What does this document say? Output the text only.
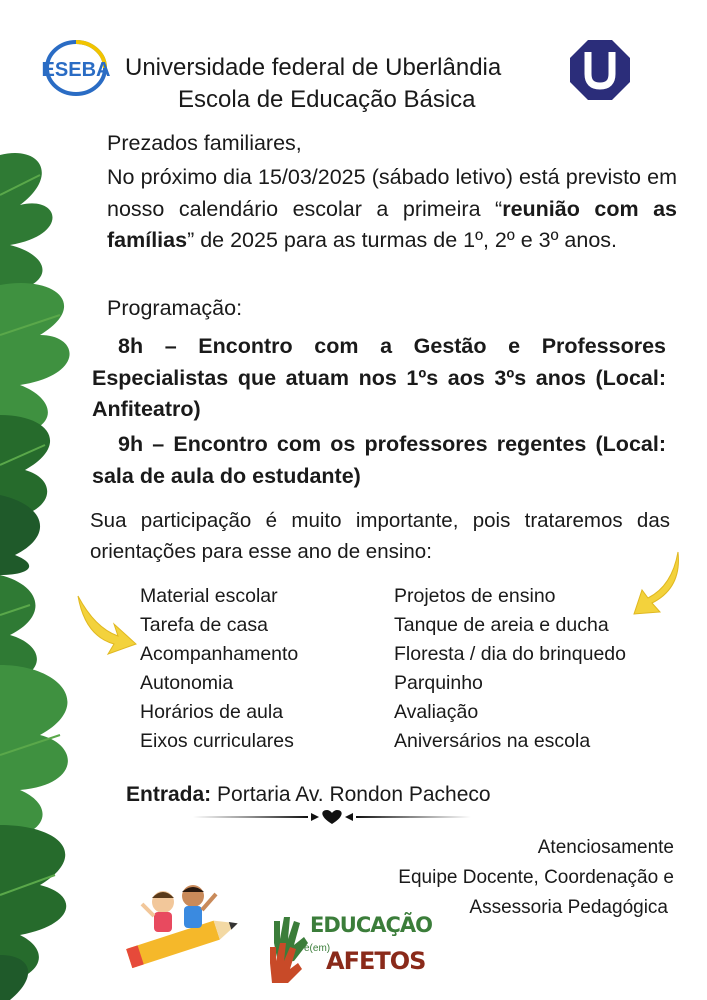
ESEBA Universidade federal de Uberlândia
Escola de Educação Básica
Prezados familiares,
No próximo dia 15/03/2025 (sábado letivo) está previsto em nosso calendário escolar a primeira “reunião com as famílias” de 2025 para as turmas de 1º, 2º e 3º anos.
Programação:
8h – Encontro com a Gestão e Professores Especialistas que atuam nos 1ºs aos 3ºs anos (Local: Anfiteatro)
9h – Encontro com os professores regentes (Local: sala de aula do estudante)
Sua participação é muito importante, pois trataremos das orientações para esse ano de ensino:
Material escolar
Tarefa de casa
Acompanhamento
Autonomia
Horários de aula
Eixos curriculares
Projetos de ensino
Tanque de areia e ducha
Floresta / dia do brinquedo
Parquinho
Avaliação
Aniversários na escola
Entrada: Portaria Av. Rondon Pacheco
Atenciosamente
Equipe Docente, Coordenação e
Assessoria Pedagógica
EDUCAÇÃO
e(em)
AFETOS
